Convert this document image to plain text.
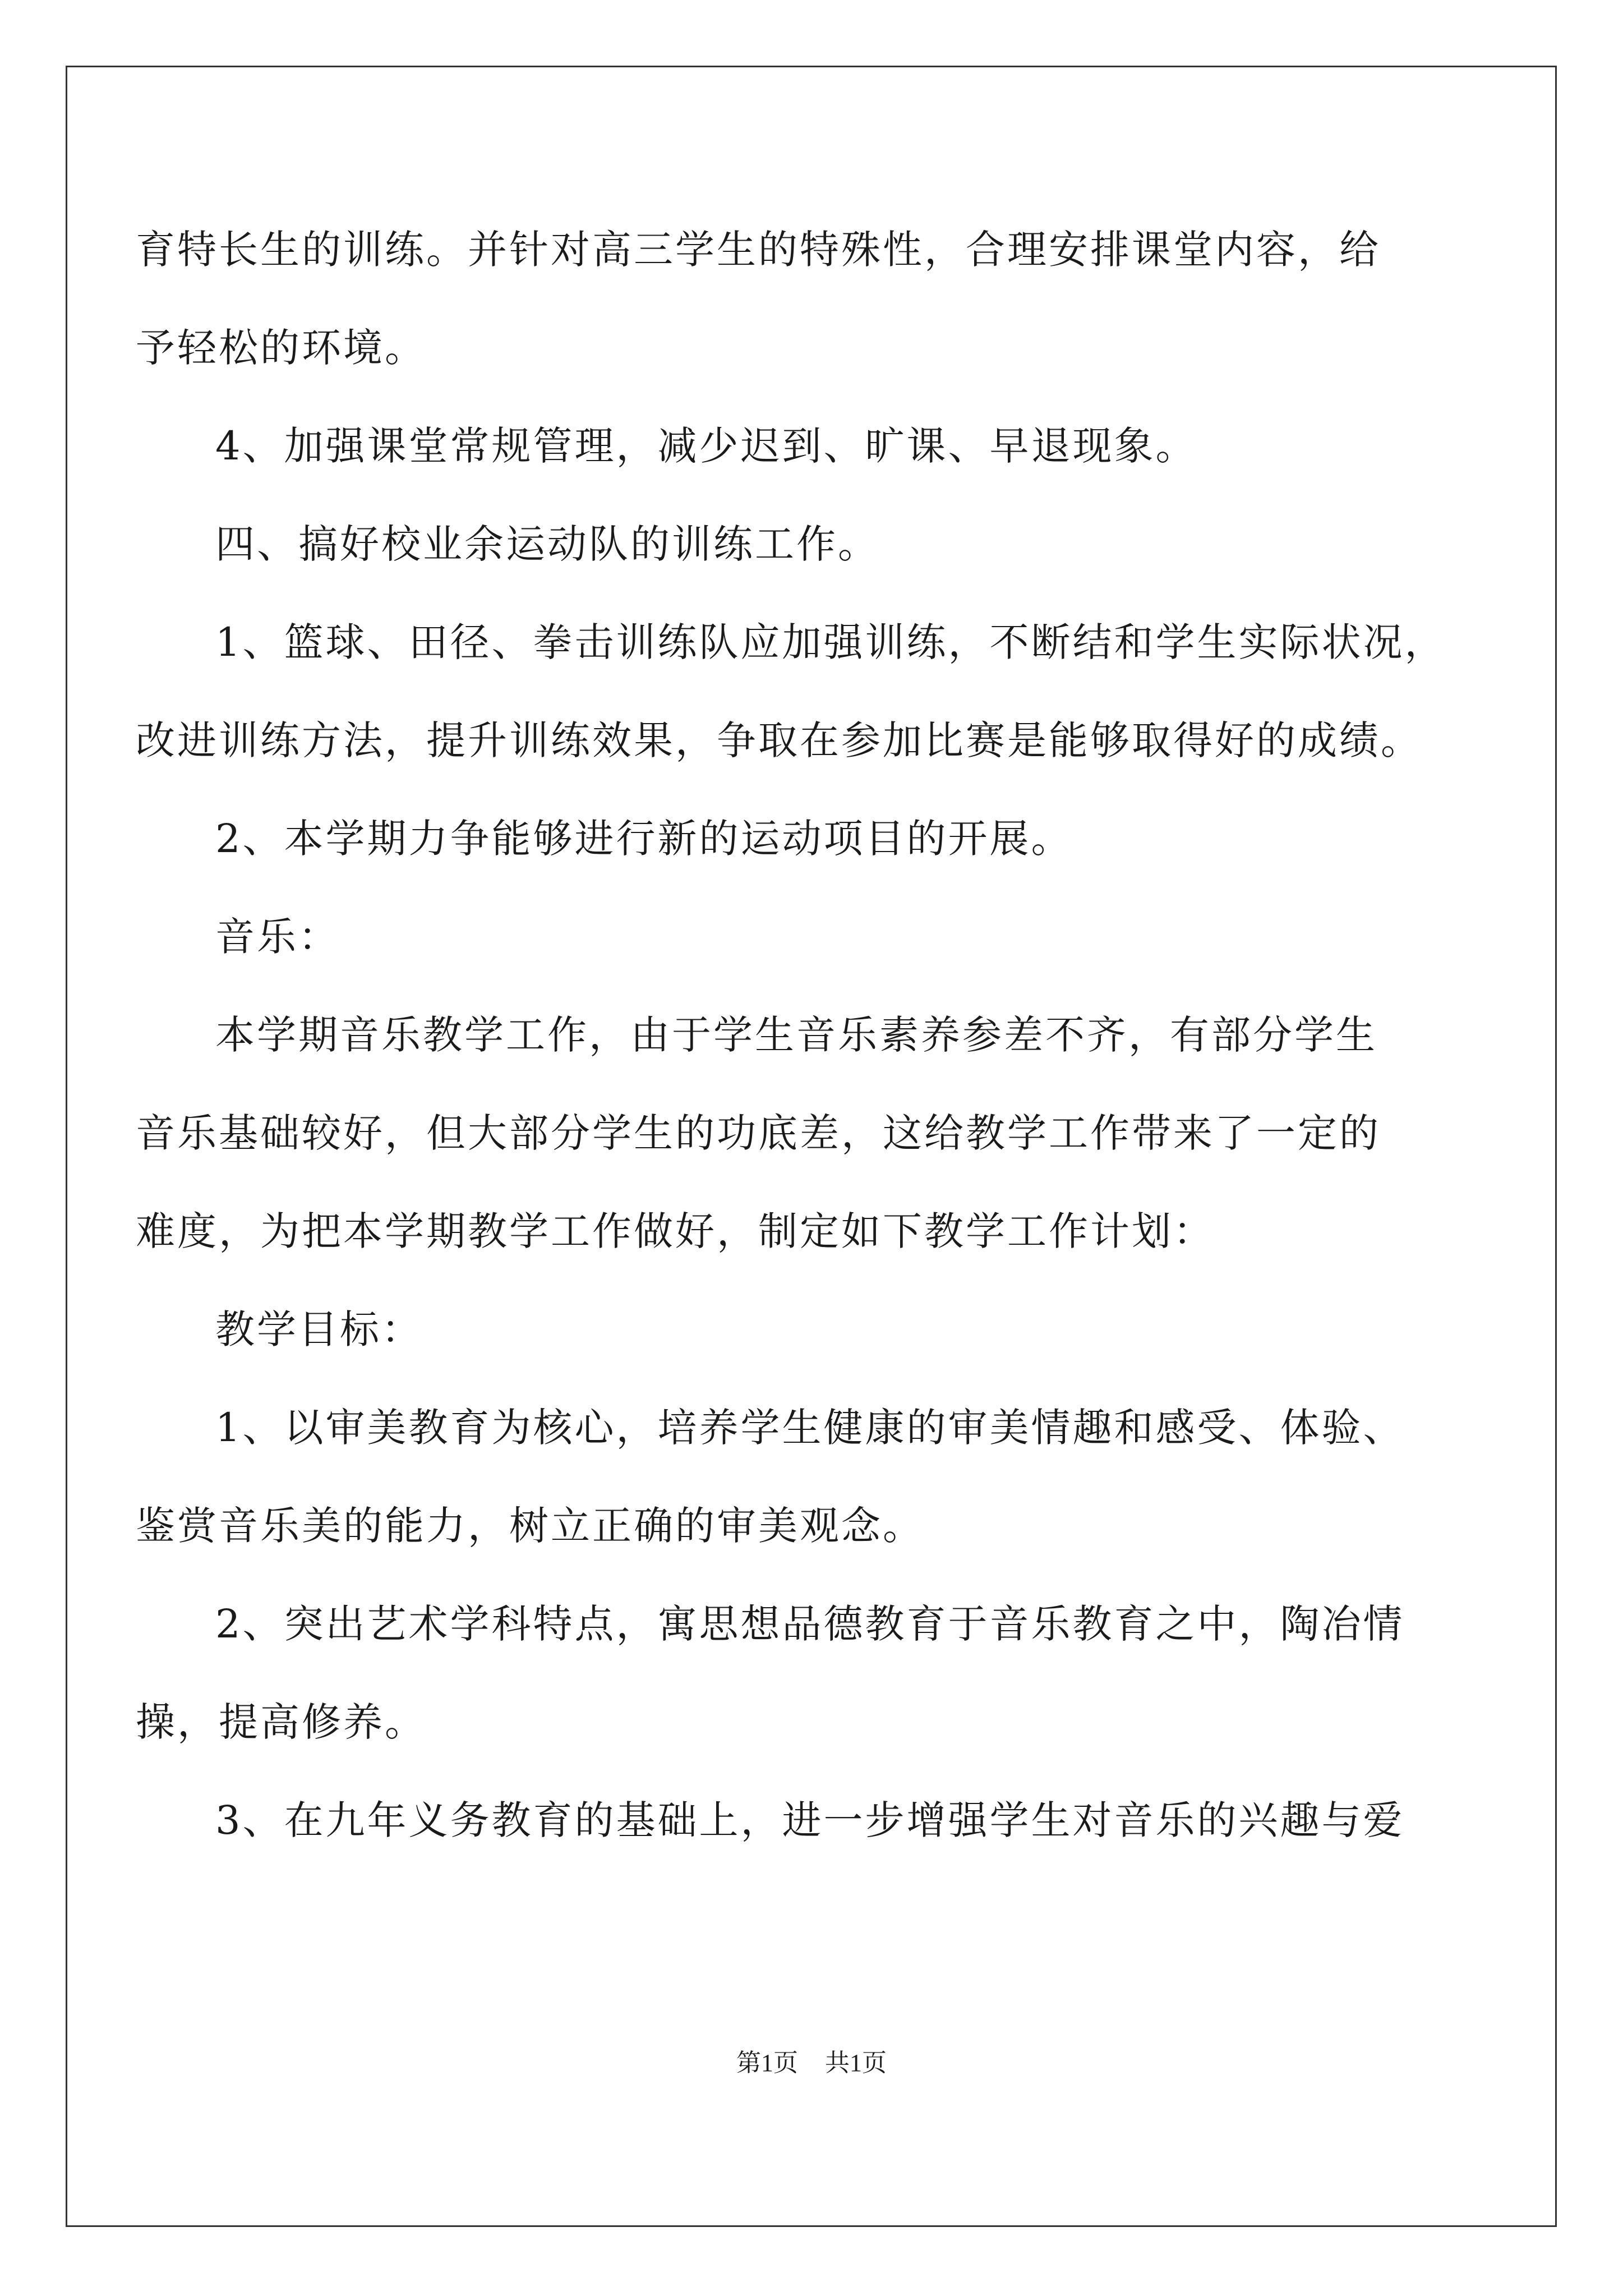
育特长生的训练。并针对高三学生的特殊性，合理安排课堂内容，给
予轻松的环境。
4、加强课堂常规管理，减少迟到、旷课、早退现象。
四、搞好校业余运动队的训练工作。
1、篮球、田径、拳击训练队应加强训练，不断结和学生实际状况，
改进训练方法，提升训练效果，争取在参加比赛是能够取得好的成绩。
2、本学期力争能够进行新的运动项目的开展。
音乐：
本学期音乐教学工作，由于学生音乐素养参差不齐，有部分学生
音乐基础较好，但大部分学生的功底差，这给教学工作带来了一定的
难度，为把本学期教学工作做好，制定如下教学工作计划：
教学目标：
1、以审美教育为核心，培养学生健康的审美情趣和感受、体验、
鉴赏音乐美的能力，树立正确的审美观念。
2、突出艺术学科特点，寓思想品德教育于音乐教育之中，陶冶情
操，提高修养。
3、在九年义务教育的基础上，进一步增强学生对音乐的兴趣与爱
第1页 共1页
